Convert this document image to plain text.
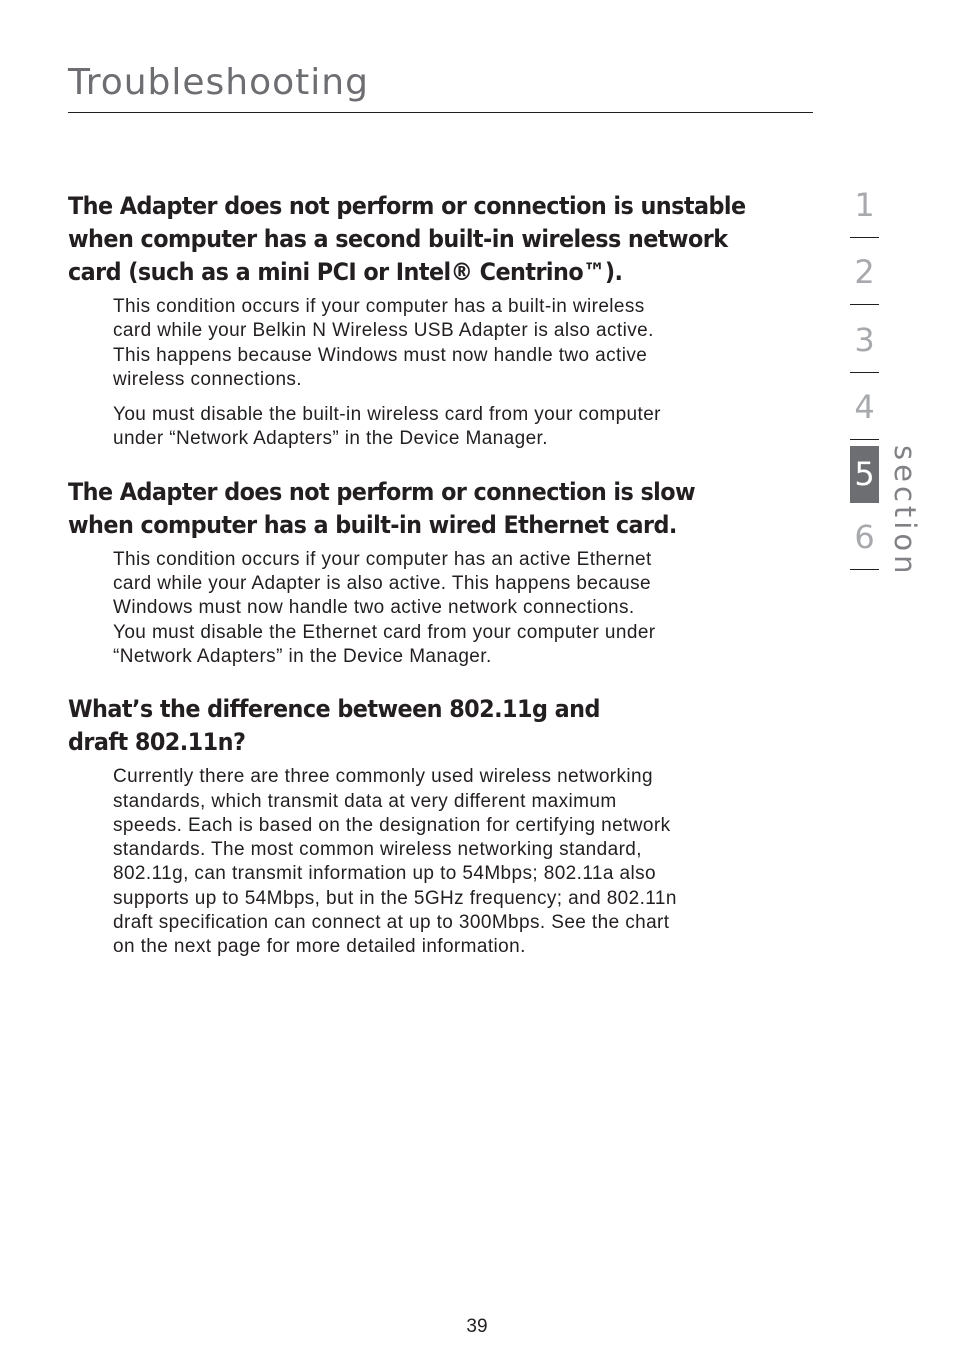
Troubleshooting
The Adapter does not perform or connection is unstable
when computer has a second built-in wireless network
card (such as a mini PCI or Intel® Centrino™).
This condition occurs if your computer has a built-in wireless
card while your Belkin N Wireless USB Adapter is also active.
This happens because Windows must now handle two active
wireless connections.
You must disable the built-in wireless card from your computer
under “Network Adapters” in the Device Manager.
The Adapter does not perform or connection is slow
when computer has a built-in wired Ethernet card.
This condition occurs if your computer has an active Ethernet
card while your Adapter is also active. This happens because
Windows must now handle two active network connections.
You must disable the Ethernet card from your computer under
“Network Adapters” in the Device Manager.
What’s the difference between 802.11g and
draft 802.11n?
Currently there are three commonly used wireless networking
standards, which transmit data at very different maximum
speeds. Each is based on the designation for certifying network
standards. The most common wireless networking standard,
802.11g, can transmit information up to 54Mbps; 802.11a also
supports up to 54Mbps, but in the 5GHz frequency; and 802.11n
draft specification can connect at up to 300Mbps. See the chart
on the next page for more detailed information.
1
2
3
4
5
6 section
39
